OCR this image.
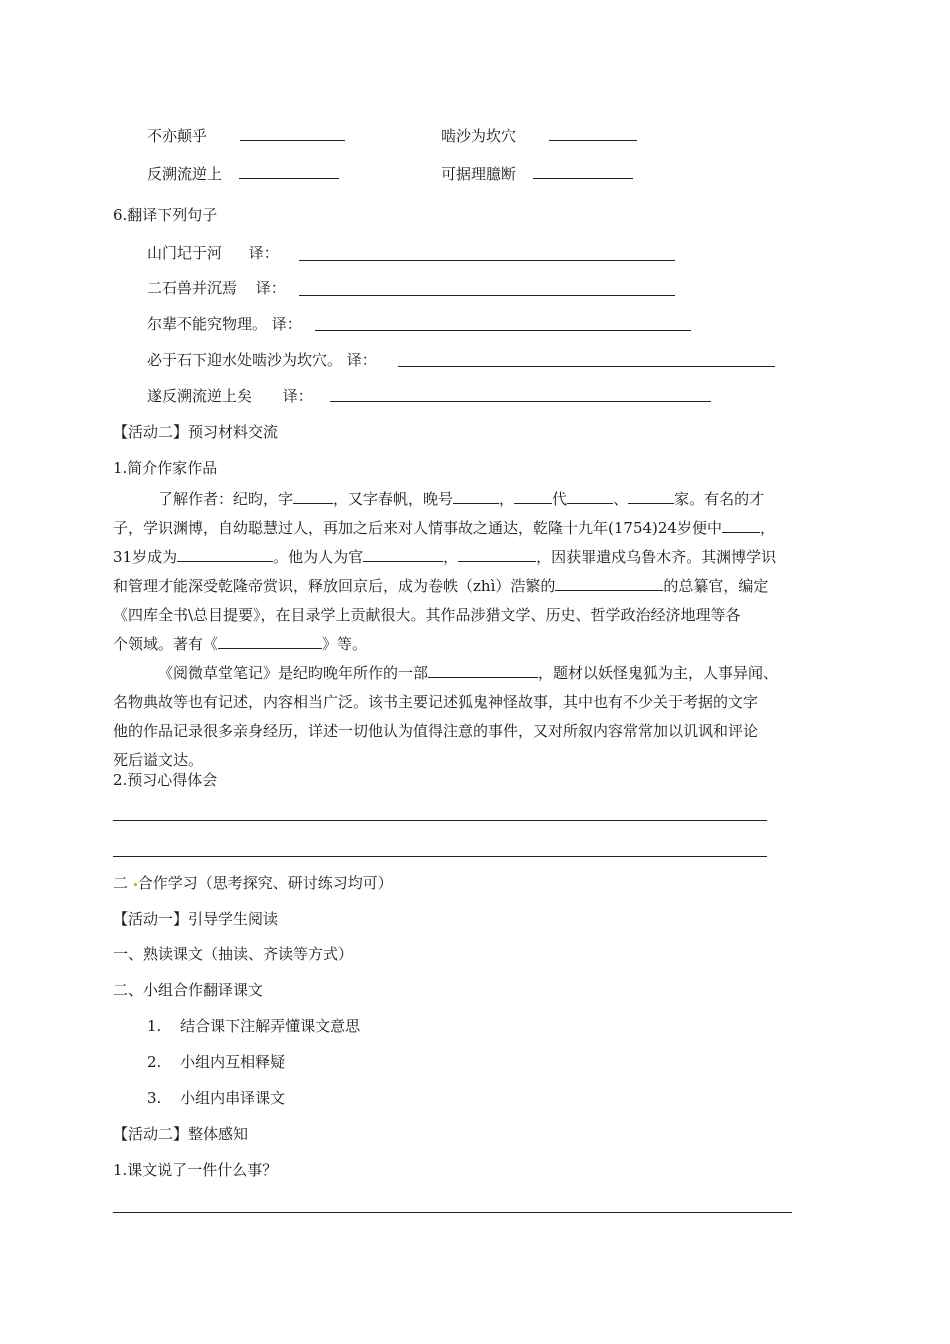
不亦颠乎	啮沙为坎穴
反溯流逆上	可据理臆断
6.翻译下列句子
山门圮于河 译：
二石兽并沉焉 译：
尔辈不能究物理。 译：
必于石下迎水处啮沙为坎穴。 译：
遂反溯流逆上矣 译：
【活动二】预习材料交流
1.简介作家作品
了解作者：纪昀，字	，又字春帆，晚号	，	代	、	家。有名的才
子，学识渊博，自幼聪慧过人，再加之后来对人情事故之通达，乾隆十九年(1754)24岁便中	，
31岁成为	。他为人为官	，	，因获罪遣戍乌鲁木齐。其渊博学识
和管理才能深受乾隆帝赏识，释放回京后，成为卷帙（zhì）浩繁的	的总纂官，编定
《四库全书\总目提要》，在目录学上贡献很大。其作品涉猎文学、历史、哲学政治经济地理等各
个领域。著有《	》等。
《阅微草堂笔记》是纪昀晚年所作的一部	，题材以妖怪鬼狐为主，人事异闻、
名物典故等也有记述，内容相当广泛。该书主要记述狐鬼神怪故事，其中也有不少关于考据的文字
他的作品记录很多亲身经历，详述一切他认为值得注意的事件，又对所叙内容常常加以讥讽和评论
死后谥文达。
2.预习心得体会
二 合作学习（思考探究、研讨练习均可）
【活动一】引导学生阅读
一、熟读课文（抽读、齐读等方式）
二、小组合作翻译课文
1. 结合课下注解弄懂课文意思
2. 小组内互相释疑
3. 小组内串译课文
【活动二】整体感知
1.课文说了一件什么事？
